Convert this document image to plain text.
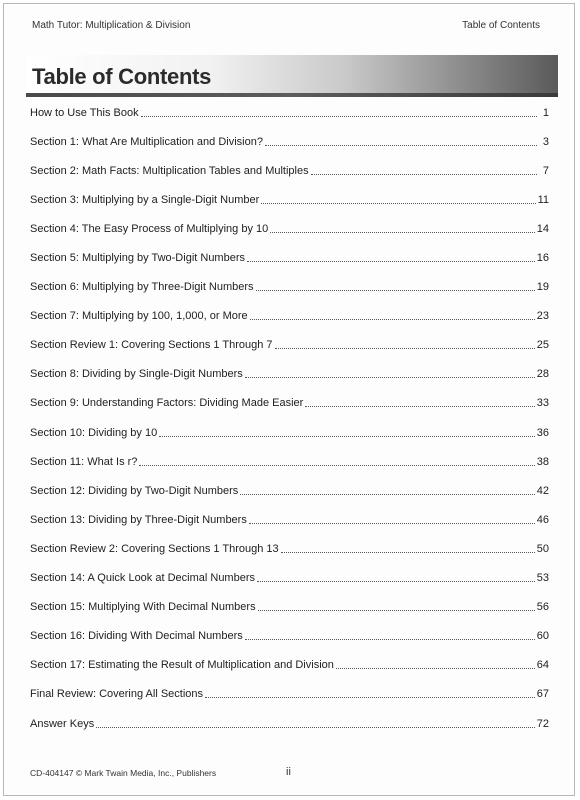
Math Tutor: Multiplication & Division	Table of Contents
Table of Contents
How to Use This Book	1
Section 1: What Are Multiplication and Division?	3
Section 2: Math Facts: Multiplication Tables and Multiples	7
Section 3: Multiplying by a Single-Digit Number	11
Section 4: The Easy Process of Multiplying by 10	14
Section 5: Multiplying by Two-Digit Numbers	16
Section 6: Multiplying by Three-Digit Numbers	19
Section 7: Multiplying by 100, 1,000, or More	23
Section Review 1: Covering Sections 1 Through 7	25
Section 8: Dividing by Single-Digit Numbers	28
Section 9: Understanding Factors: Dividing Made Easier	33
Section 10: Dividing by 10	36
Section 11: What Is r?	38
Section 12: Dividing by Two-Digit Numbers	42
Section 13: Dividing by Three-Digit Numbers	46
Section Review 2: Covering Sections 1 Through 13	50
Section 14: A Quick Look at Decimal Numbers	53
Section 15: Multiplying With Decimal Numbers	56
Section 16: Dividing With Decimal Numbers	60
Section 17: Estimating the Result of Multiplication and Division	64
Final Review: Covering All Sections	67
Answer Keys	72
CD-404147 © Mark Twain Media, Inc., Publishers	ii
